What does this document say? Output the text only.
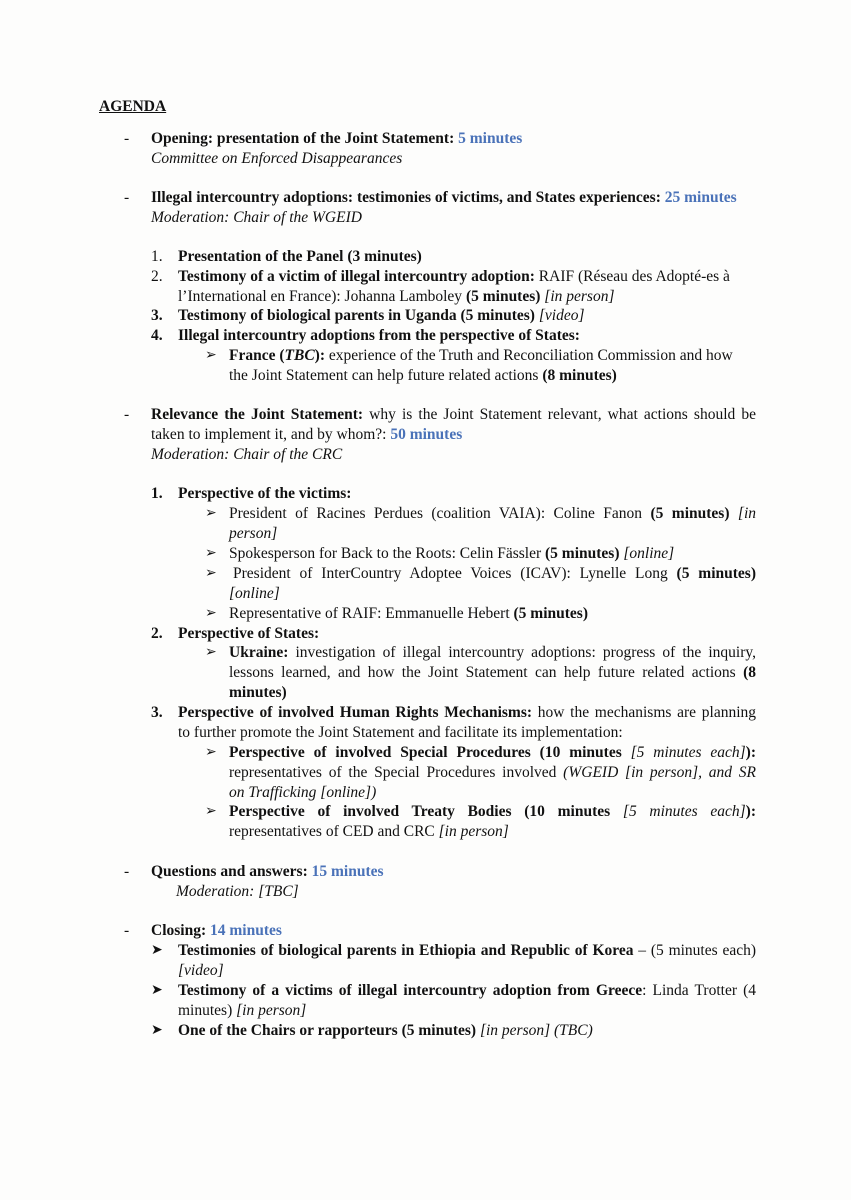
AGENDA
- Opening: presentation of the Joint Statement: 5 minutes
Committee on Enforced Disappearances
- Illegal intercountry adoptions: testimonies of victims, and States experiences: 25 minutes
Moderation: Chair of the WGEID
1. Presentation of the Panel (3 minutes)
2. Testimony of a victim of illegal intercountry adoption: RAIF (Réseau des Adopté-es à
l’International en France): Johanna Lamboley (5 minutes) [in person]
3. Testimony of biological parents in Uganda (5 minutes) [video]
4. Illegal intercountry adoptions from the perspective of States:
➢ France (TBC): experience of the Truth and Reconciliation Commission and how
the Joint Statement can help future related actions (8 minutes)
- Relevance the Joint Statement: why is the Joint Statement relevant, what actions should be
taken to implement it, and by whom?: 50 minutes
Moderation: Chair of the CRC
1. Perspective of the victims:
➢ President of Racines Perdues (coalition VAIA): Coline Fanon (5 minutes) [in
person]
➢ Spokesperson for Back to the Roots: Celin Fässler (5 minutes) [online]
➢ President of InterCountry Adoptee Voices (ICAV): Lynelle Long (5 minutes)
[online]
➢ Representative of RAIF: Emmanuelle Hebert (5 minutes)
2. Perspective of States:
➢ Ukraine: investigation of illegal intercountry adoptions: progress of the inquiry,
lessons learned, and how the Joint Statement can help future related actions (8
minutes)
3. Perspective of involved Human Rights Mechanisms: how the mechanisms are planning
to further promote the Joint Statement and facilitate its implementation:
➢ Perspective of involved Special Procedures (10 minutes [5 minutes each]):
representatives of the Special Procedures involved (WGEID [in person], and SR
on Trafficking [online])
➢ Perspective of involved Treaty Bodies (10 minutes [5 minutes each]):
representatives of CED and CRC [in person]
- Questions and answers: 15 minutes
Moderation: [TBC]
- Closing: 14 minutes
➤ Testimonies of biological parents in Ethiopia and Republic of Korea – (5 minutes each)
[video]
➤ Testimony of a victims of illegal intercountry adoption from Greece: Linda Trotter (4
minutes) [in person]
➤ One of the Chairs or rapporteurs (5 minutes) [in person] (TBC)
